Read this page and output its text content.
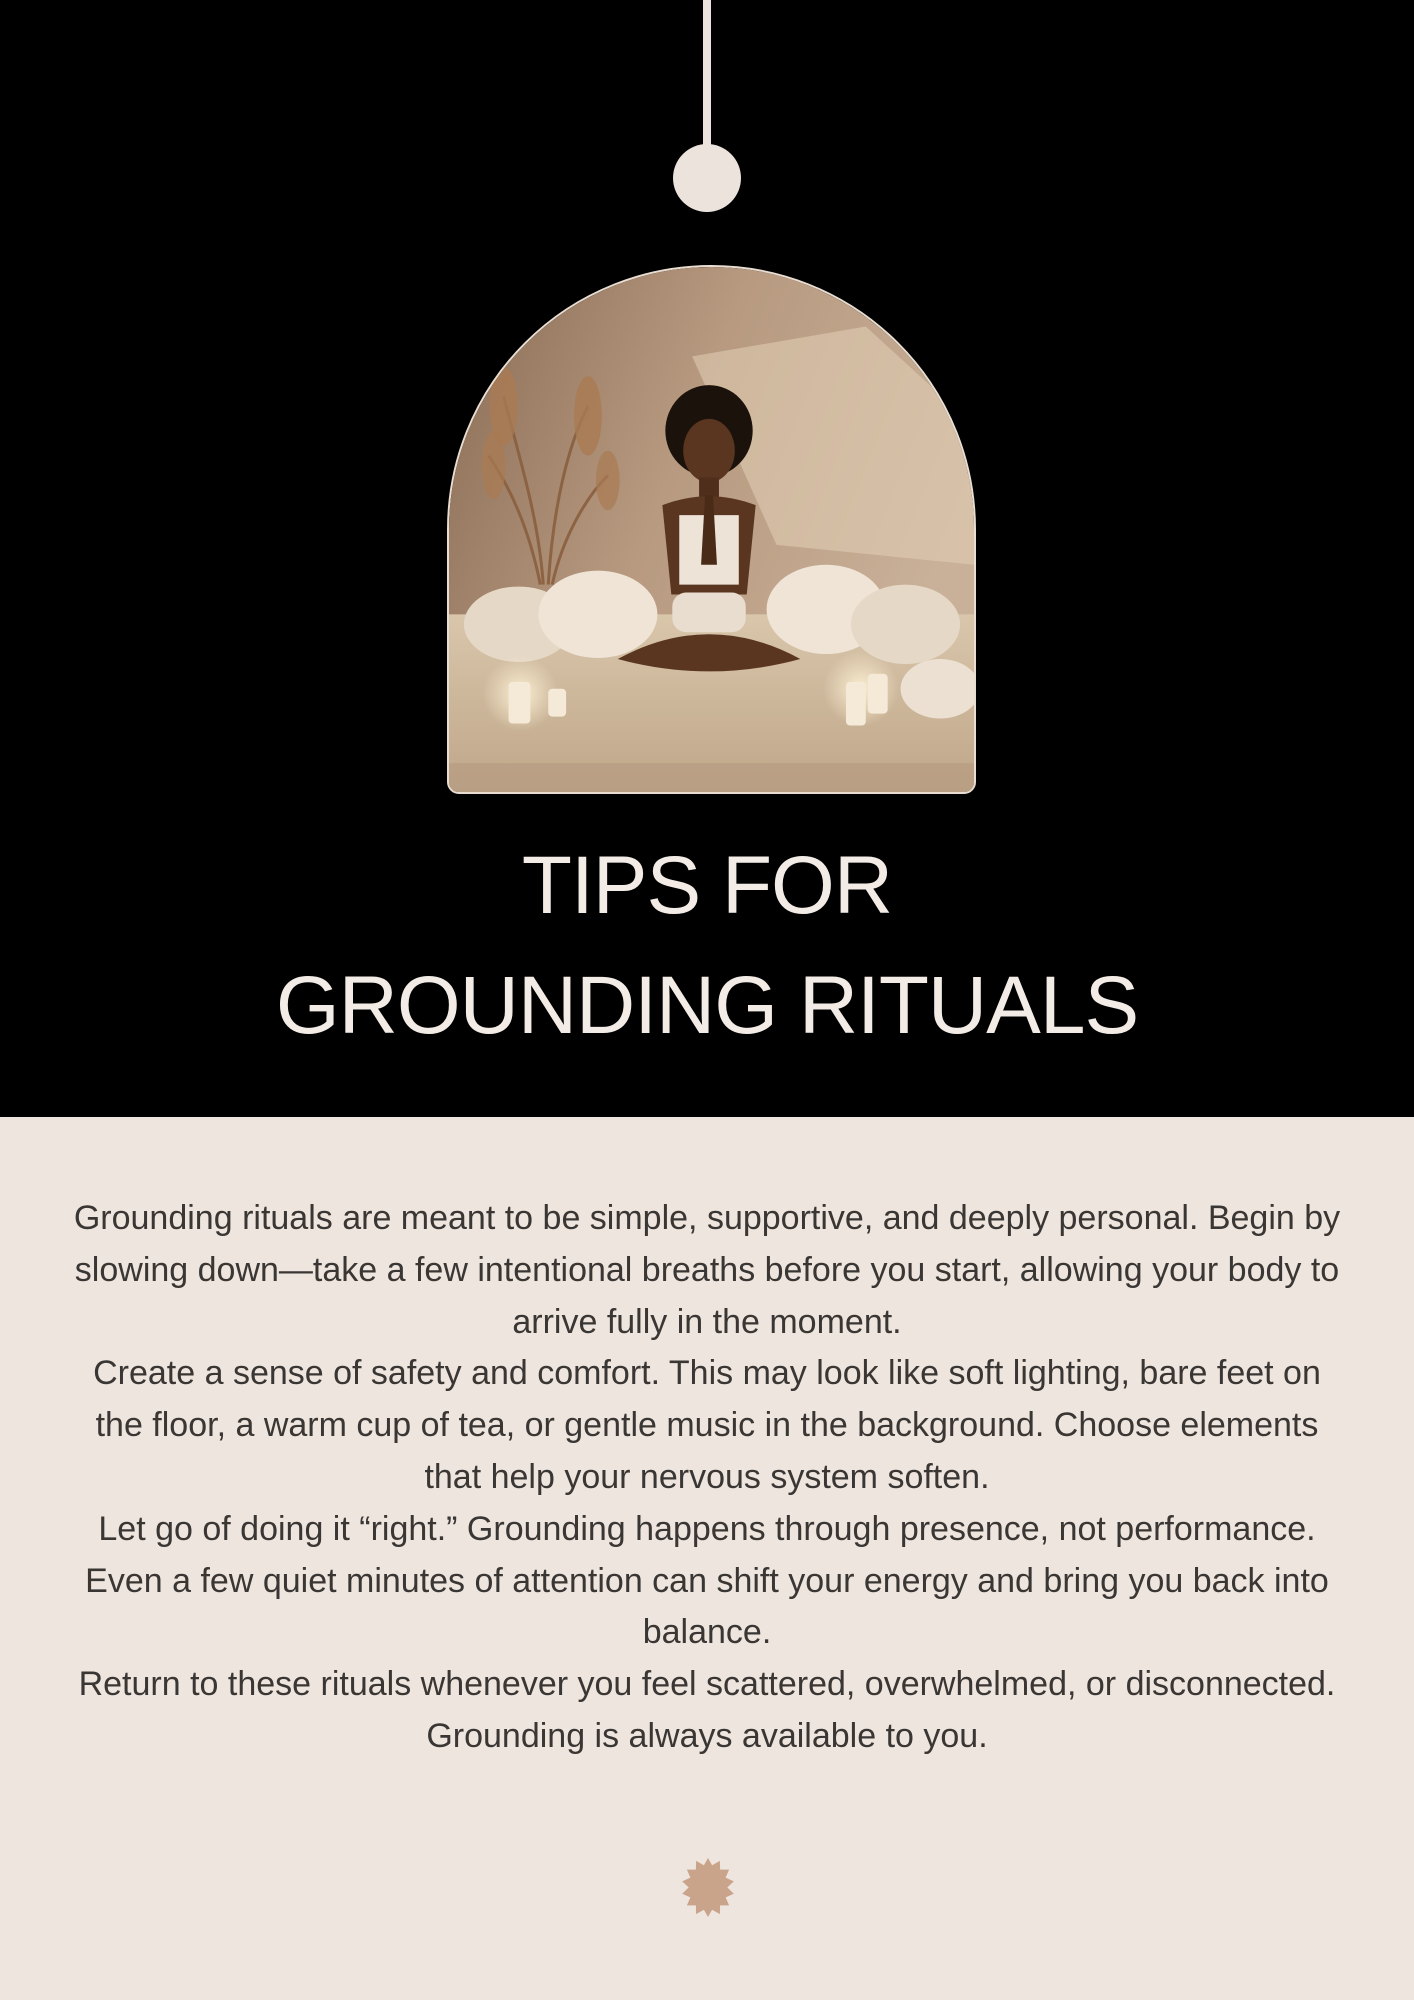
TIPS FOR
GROUNDING RITUALS

Grounding rituals are meant to be simple, supportive, and deeply personal. Begin by slowing down—take a few intentional breaths before you start, allowing your body to arrive fully in the moment.

Create a sense of safety and comfort. This may look like soft lighting, bare feet on the floor, a warm cup of tea, or gentle music in the background. Choose elements that help your nervous system soften.

Let go of doing it “right.” Grounding happens through presence, not performance. Even a few quiet minutes of attention can shift your energy and bring you back into balance.

Return to these rituals whenever you feel scattered, overwhelmed, or disconnected. Grounding is always available to you.
